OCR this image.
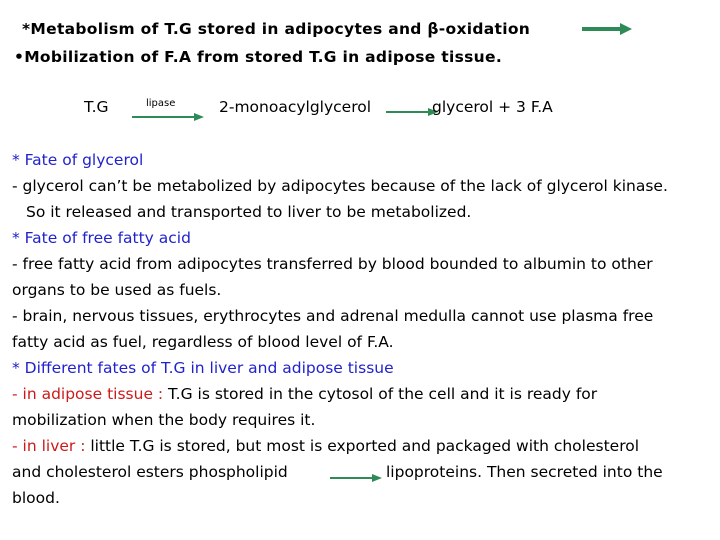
*Metabolism of T.G stored in adipocytes and β-oxidation
•Mobilization of F.A from stored T.G in adipose tissue.
T.G	lipase	2-monoacylglycerol	glycerol + 3 F.A
* Fate of glycerol
- glycerol can’t be metabolized by adipocytes because of the lack of glycerol kinase.
So it released and transported to liver to be metabolized.
* Fate of free fatty acid
- free fatty acid from adipocytes transferred by blood bounded to albumin to other
organs to be used as fuels.
- brain, nervous tissues, erythrocytes and adrenal medulla cannot use plasma free
fatty acid as fuel, regardless of blood level of F.A.
* Different fates of T.G in liver and adipose tissue
- in adipose tissue : T.G is stored in the cytosol of the cell and it is ready for
mobilization when the body requires it.
- in liver : little T.G is stored, but most is exported and packaged with cholesterol
and cholesterol esters phospholipid	lipoproteins. Then secreted into the
blood.
